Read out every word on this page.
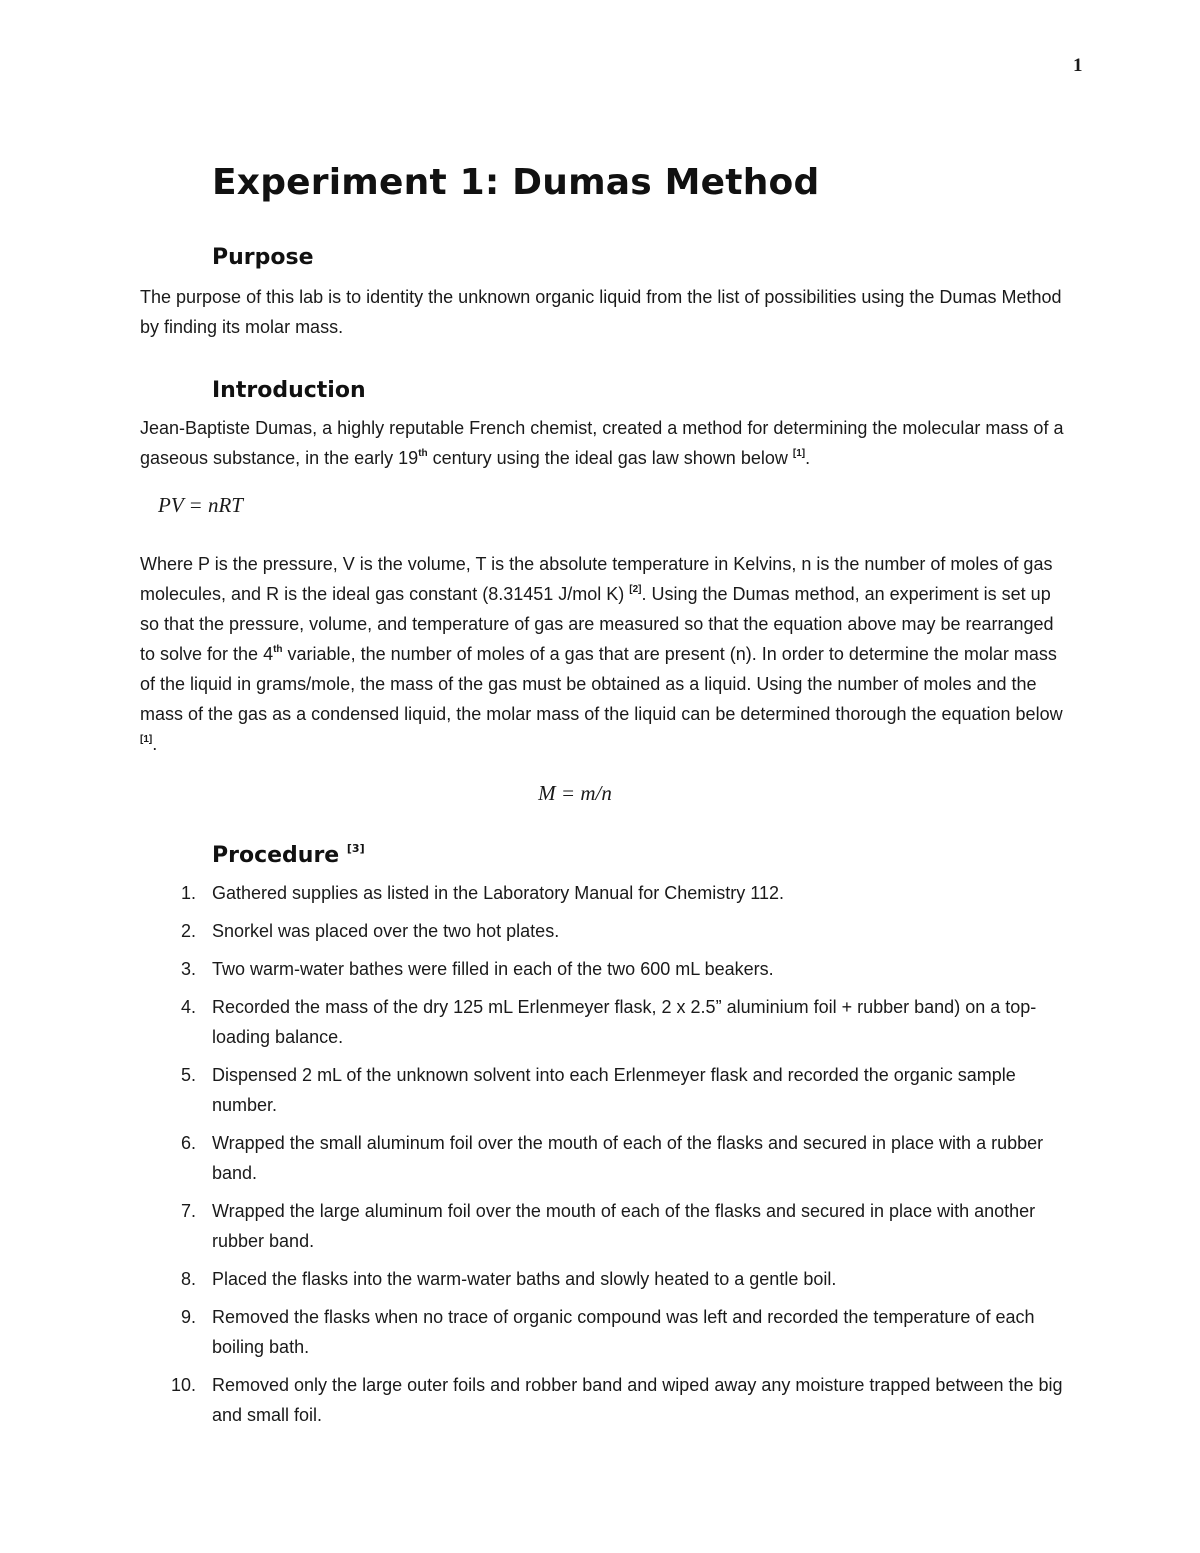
1
Experiment 1: Dumas Method
Purpose

The purpose of this lab is to identity the unknown organic liquid from the list of possibilities using the Dumas Method by finding its molar mass.

Introduction

Jean-Baptiste Dumas, a highly reputable French chemist, created a method for determining the molecular mass of a gaseous substance, in the early 19th century using the ideal gas law shown below [1].

PV = nRT

Where P is the pressure, V is the volume, T is the absolute temperature in Kelvins, n is the number of moles of gas molecules, and R is the ideal gas constant (8.31451 J/mol K) [2]. Using the Dumas method, an experiment is set up so that the pressure, volume, and temperature of gas are measured so that the equation above may be rearranged to solve for the 4th variable, the number of moles of a gas that are present (n). In order to determine the molar mass of the liquid in grams/mole, the mass of the gas must be obtained as a liquid. Using the number of moles and the mass of the gas as a condensed liquid, the molar mass of the liquid can be determined thorough the equation below [1].

M = m/n
Procedure [3]
1. Gathered supplies as listed in the Laboratory Manual for Chemistry 112.
2. Snorkel was placed over the two hot plates.
3. Two warm-water bathes were filled in each of the two 600 mL beakers.
4. Recorded the mass of the dry 125 mL Erlenmeyer flask, 2 x 2.5” aluminium foil + rubber band) on a top-loading balance.
5. Dispensed 2 mL of the unknown solvent into each Erlenmeyer flask and recorded the organic sample number.
6. Wrapped the small aluminum foil over the mouth of each of the flasks and secured in place with a rubber band.
7. Wrapped the large aluminum foil over the mouth of each of the flasks and secured in place with another rubber band.
8. Placed the flasks into the warm-water baths and slowly heated to a gentle boil.
9. Removed the flasks when no trace of organic compound was left and recorded the temperature of each boiling bath.
10. Removed only the large outer foils and robber band and wiped away any moisture trapped between the big and small foil.
